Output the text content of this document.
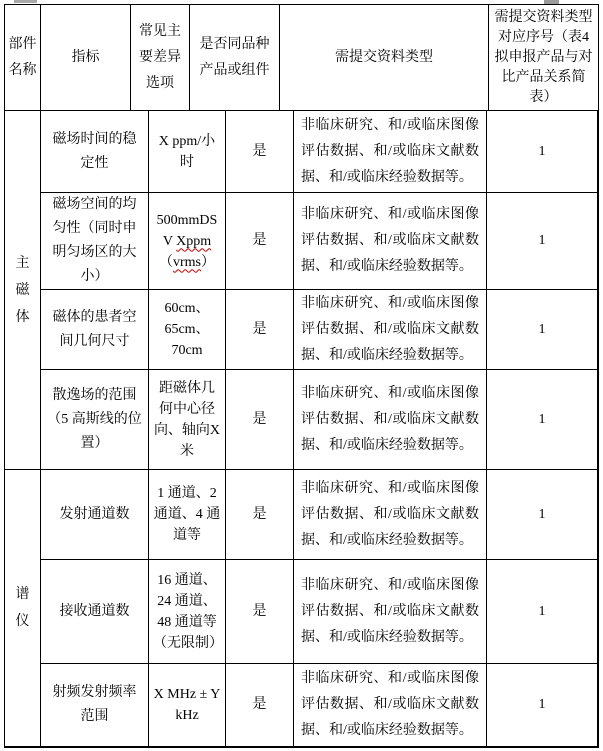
部件名称
指标
常见主要差异选项
是否同品种产品或组件
需提交资料类型
需提交资料类型对应序号（表4 拟申报产品与对比产品关系简表）
主磁体
磁场时间的稳定性
X ppm/小时
是
非临床研究、和/或临床图像评估数据、和/或临床文献数据、和/或临床经验数据等。
1
磁场空间的均匀性（同时申明匀场区的大小）
500mmDS
V Xppm
（vrms）
是
非临床研究、和/或临床图像评估数据、和/或临床文献数据、和/或临床经验数据等。
1
磁体的患者空间几何尺寸
60cm、65cm、70cm
是
非临床研究、和/或临床图像评估数据、和/或临床文献数据、和/或临床经验数据等。
1
散逸场的范围（5 高斯线的位置）
距磁体几何中心径向、轴向X米
是
非临床研究、和/或临床图像评估数据、和/或临床文献数据、和/或临床经验数据等。
1
谱仪
发射通道数
1 通道、2 通道、4 通道等
是
非临床研究、和/或临床图像评估数据、和/或临床文献数据、和/或临床经验数据等。
1
接收通道数
16 通道、24 通道、48 通道等（无限制）
是
非临床研究、和/或临床图像评估数据、和/或临床文献数据、和/或临床经验数据等。
1
射频发射频率范围
X MHz ± Y kHz
是
非临床研究、和/或临床图像评估数据、和/或临床文献数据、和/或临床经验数据等。
1
